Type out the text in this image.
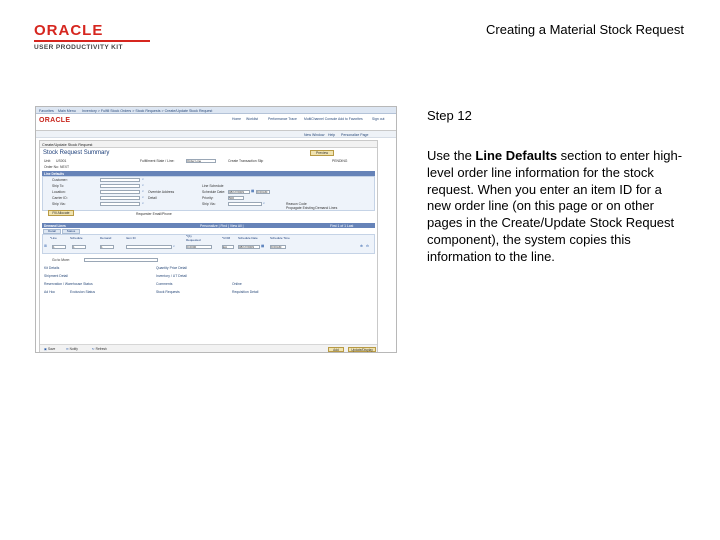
ORACLE
USER PRODUCTIVITY KIT
Creating a Material Stock Request
Step 12
Use the Line Defaults section to enter high-level order line information for the stock request. When you enter an item ID for a new order line (on this page or on other pages in the Create/Update Stock Request component), the system copies this information to the line.
Favorites Main Menu Inventory > Fulfill Stock Orders > Stock Requests > Create/Update Stock Request
ORACLE	Home Worklist	Performance Trace MultiChannel Console Add to Favorites	Sign out
New Window Help Personalize Page
Create/Update Stock Request
Stock Request Summary	Preview
Unit: US001	Fulfillment State / Line:	Order Line	Create Transaction Slip	PENDING
Order No: NEXT
Line Defaults
Customer:	⌕
Ship To:	⌕
Location:	⌕ Override Address
Carrier ID:	⌕ Detail
Ship Via:	⌕
Line Schedule
Schedule Date:	08/17/2009	▦ 9:00AM
Priority:	500
Ship Via:	⌕	Reason Code
Propagate Existing Demand Lines
Fill Allocate	Requester Email/Phone
Demand Lines	Personalize | Find | View All |	First 1 of 1 Last
Detail	Status
*Line	Schedule	Demand	Item ID	*Qty Requested	*UOM	Schedule Date	Schedule Time
⊞	1	1	1	⌕	0.0000	EA	08/17/2009	▦	9:00AM	⊕ ⊖
Go to More:
Kit Details	Quantity Price Detail
Shipment Detail	Inventory / UT Detail
Reservation / Warehouse Status	Comments	Online
Ad Hoc	Exclusion Status	Stock Requests	Requisition Detail
▣Save	✉Notify	↻Refresh	Add	Update/Display
